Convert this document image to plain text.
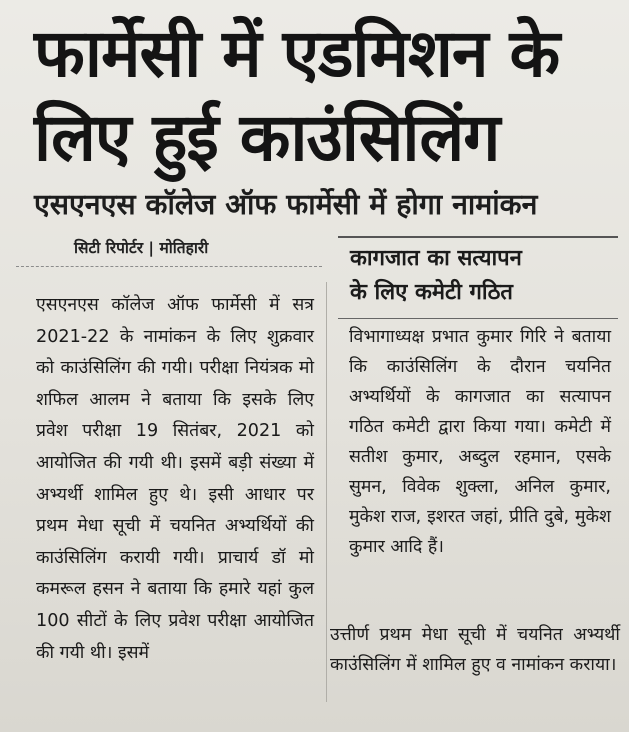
फार्मेसी में एडमिशन के
लिए हुई काउंसिलिंग
एसएनएस कॉलेज ऑफ फार्मेसी में होगा नामांकन
सिटी रिपोर्टर | मोतिहारी

एसएनएस कॉलेज ऑफ फार्मेसी में सत्र 2021-22 के नामांकन के लिए शुक्रवार को काउंसिलिंग की गयी। परीक्षा नियंत्रक मो शफिल आलम ने बताया कि इसके लिए प्रवेश परीक्षा 19 सितंबर, 2021 को आयोजित की गयी थी। इसमें बड़ी संख्या में अभ्यर्थी शामिल हुए थे। इसी आधार पर प्रथम मेधा सूची में चयनित अभ्यर्थियों की काउंसिलिंग करायी गयी। प्राचार्य डॉ मो कमरूल हसन ने बताया कि हमारे यहां कुल 100 सीटों के लिए प्रवेश परीक्षा आयोजित की गयी थी। इसमें

कागजात का सत्यापन
के लिए कमेटी गठित

विभागाध्यक्ष प्रभात कुमार गिरि ने बताया कि काउंसिलिंग के दौरान चयनित अभ्यर्थियों के कागजात का सत्यापन गठित कमेटी द्वारा किया गया। कमेटी में सतीश कुमार, अब्दुल रहमान, एसके सुमन, विवेक शुक्ला, अनिल कुमार, मुकेश राज, इशरत जहां, प्रीति दुबे, मुकेश कुमार आदि हैं।

उत्तीर्ण प्रथम मेधा सूची में चयनित अभ्यर्थी काउंसिलिंग में शामिल हुए व नामांकन कराया।
